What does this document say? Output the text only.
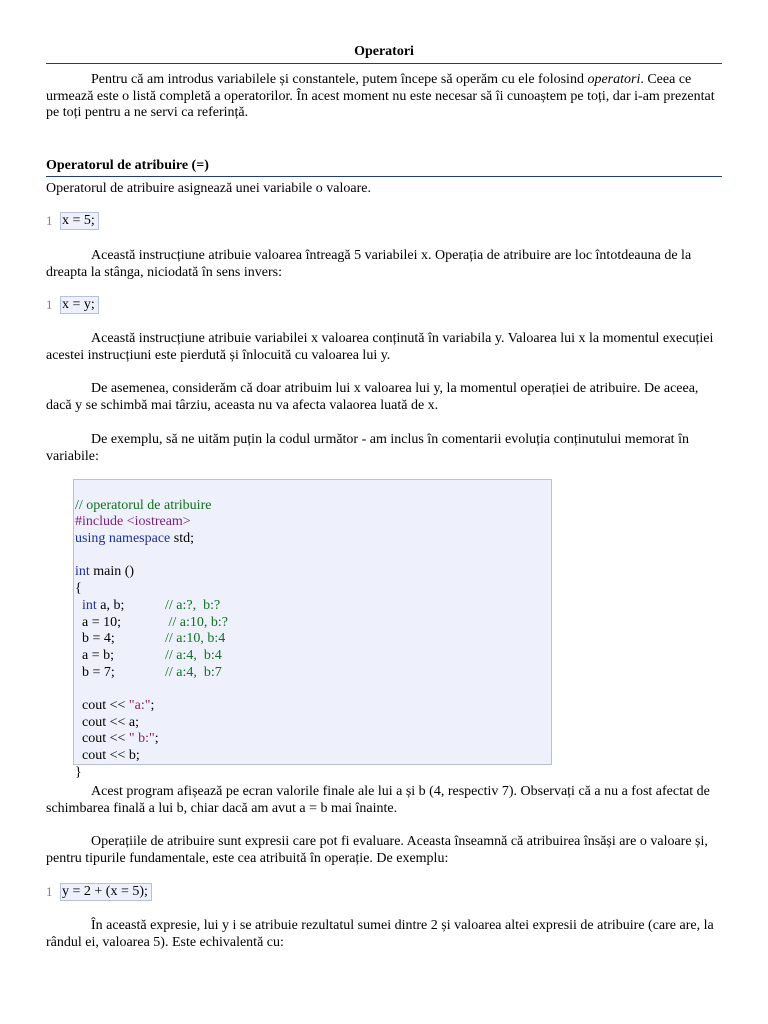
Operatori

Pentru că am introdus variabilele și constantele, putem începe să operăm cu ele folosind operatori. Ceea ce urmează este o listă completă a operatorilor. În acest moment nu este necesar să îi cunoaștem pe toți, dar i-am prezentat pe toți pentru a ne servi ca referință.

Operatorul de atribuire (=)

Operatorul de atribuire asignează unei variabile o valoare.

1 x = 5;

Această instrucțiune atribuie valoarea întreagă 5 variabilei x. Operația de atribuire are loc întotdeauna de la dreapta la stânga, niciodată în sens invers:

1 x = y;

Această instrucțiune atribuie variabilei x valoarea conținută în variabila y. Valoarea lui x la momentul execuției acestei instrucțiuni este pierdută și înlocuită cu valoarea lui y.

De asemenea, considerăm că doar atribuim lui x valoarea lui y, la momentul operației de atribuire. De aceea, dacă y se schimbă mai târziu, aceasta nu va afecta valaorea luată de x.

De exemplu, să ne uităm puțin la codul următor - am inclus în comentarii evoluția conținutului memorat în variabile:

// operatorul de atribuire
#include <iostream>
using namespace std;
int main ()
{
int a, b;	// a:?,  b:?
a = 10;	// a:10, b:?
b = 4;	// a:10, b:4
a = b;	// a:4,  b:4
b = 7;	// a:4,  b:7
cout << "a:";
cout << a;
cout << " b:";
cout << b;
}

Acest program afișează pe ecran valorile finale ale lui a și b (4, respectiv 7). Observați că a nu a fost afectat de schimbarea finală a lui b, chiar dacă am avut a = b mai înainte.

Operațiile de atribuire sunt expresii care pot fi evaluare. Aceasta înseamnă că atribuirea însăși are o valoare și, pentru tipurile fundamentale, este cea atribuită în operație. De exemplu:

1 y = 2 + (x = 5);

În această expresie, lui y i se atribuie rezultatul sumei dintre 2 și valoarea altei expresii de atribuire (care are, la rândul ei, valoarea 5). Este echivalentă cu:
